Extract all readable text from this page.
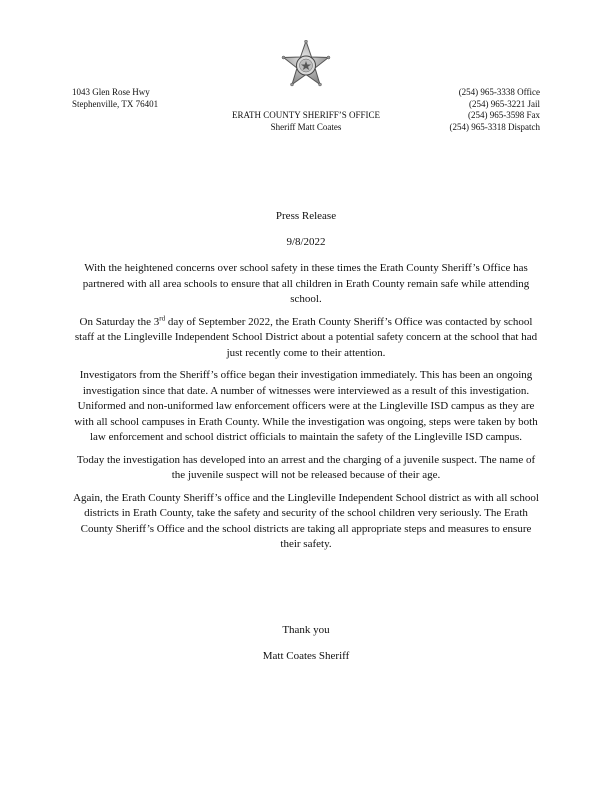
1043 Glen Rose Hwy
Stephenville, TX 76401
ERATH COUNTY SHERIFF’S OFFICE
Sheriff Matt Coates
(254) 965-3338 Office
(254) 965-3221 Jail
(254) 965-3598 Fax
(254) 965-3318 Dispatch
Press Release
9/8/2022

With the heightened concerns over school safety in these times the Erath County Sheriff’s Office has partnered with all area schools to ensure that all children in Erath County remain safe while attending school.

On Saturday the 3rd day of September 2022, the Erath County Sheriff’s Office was contacted by school staff at the Lingleville Independent School District about a potential safety concern at the school that had just recently come to their attention.

Investigators from the Sheriff’s office began their investigation immediately. This has been an ongoing investigation since that date. A number of witnesses were interviewed as a result of this investigation. Uniformed and non-uniformed law enforcement officers were at the Lingleville ISD campus as they are with all school campuses in Erath County. While the investigation was ongoing, steps were taken by both law enforcement and school district officials to maintain the safety of the Lingleville ISD campus.

Today the investigation has developed into an arrest and the charging of a juvenile suspect. The name of the juvenile suspect will not be released because of their age.

Again, the Erath County Sheriff’s office and the Lingleville Independent School district as with all school districts in Erath County, take the safety and security of the school children very seriously. The Erath County Sheriff’s Office and the school districts are taking all appropriate steps and measures to ensure their safety.

Thank you
Matt Coates Sheriff
